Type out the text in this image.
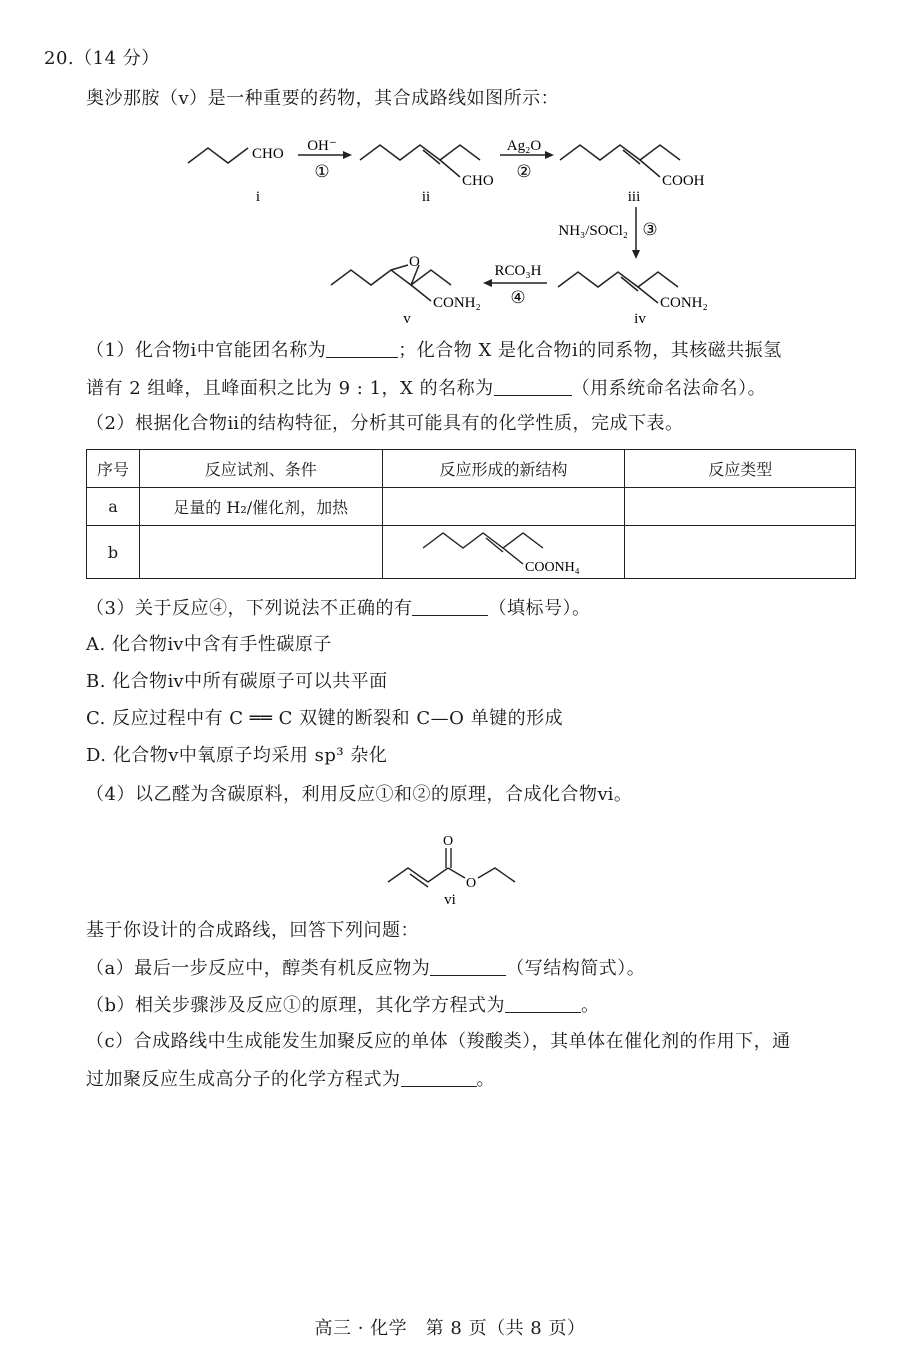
20.（14 分）
奥沙那胺（ⅴ）是一种重要的药物，其合成路线如图所示：
CHO
i
CHO
ii
COOH
iii
CONH₂
iv
O
CONH₂
v
OH⁻
①
Ag₂O
②
NH₃/SOCl₂ ③
RCO₃H
④
（1）化合物ⅰ中官能团名称为	；化合物 X 是化合物ⅰ的同系物，其核磁共振氢
谱有 2 组峰，且峰面积之比为 9 : 1，X 的名称为	（用系统命名法命名）。
（2）根据化合物ⅱ的结构特征，分析其可能具有的化学性质，完成下表。
序号	反应试剂、条件	反应形成的新结构	反应类型
a	足量的 H₂/催化剂，加热		
b		COONH₄	

（3）关于反应④，下列说法不正确的有	（填标号）。
A. 化合物ⅳ中含有手性碳原子
B. 化合物ⅳ中所有碳原子可以共平面
C. 反应过程中有 C ══ C 双键的断裂和 C—O 单键的形成
D. 化合物ⅴ中氧原子均采用 sp³ 杂化
（4）以乙醛为含碳原料，利用反应①和②的原理，合成化合物ⅵ。
O
O
vi
基于你设计的合成路线，回答下列问题：
（a）最后一步反应中，醇类有机反应物为	（写结构简式）。
（b）相关步骤涉及反应①的原理，其化学方程式为	。
（c）合成路线中生成能发生加聚反应的单体（羧酸类），其单体在催化剂的作用下，通
过加聚反应生成高分子的化学方程式为	。
高三 · 化学　第 8 页（共 8 页）
